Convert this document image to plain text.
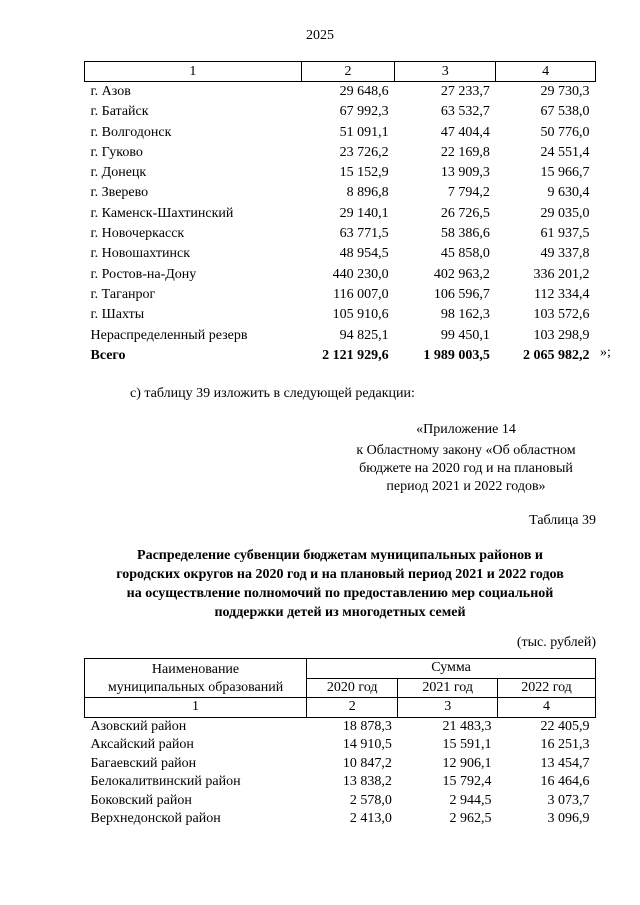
2025
1	2	3	4
г. Азов	29 648,6	27 233,7	29 730,3
г. Батайск	67 992,3	63 532,7	67 538,0
г. Волгодонск	51 091,1	47 404,4	50 776,0
г. Гуково	23 726,2	22 169,8	24 551,4
г. Донецк	15 152,9	13 909,3	15 966,7
г. Зверево	8 896,8	7 794,2	9 630,4
г. Каменск-Шахтинский	29 140,1	26 726,5	29 035,0
г. Новочеркасск	63 771,5	58 386,6	61 937,5
г. Новошахтинск	48 954,5	45 858,0	49 337,8
г. Ростов-на-Дону	440 230,0	402 963,2	336 201,2
г. Таганрог	116 007,0	106 596,7	112 334,4
г. Шахты	105 910,6	98 162,3	103 572,6
Нераспределенный резерв	94 825,1	99 450,1	103 298,9
Всего	2 121 929,6	1 989 003,5	2 065 982,2 »;
с) таблицу 39 изложить в следующей редакции:
«Приложение 14
к Областному закону «Об областном
бюджете на 2020 год и на плановый
период 2021 и 2022 годов»
Таблица 39
Распределение субвенции бюджетам муниципальных районов и
городских округов на 2020 год и на плановый период 2021 и 2022 годов
на осуществление полномочий по предоставлению мер социальной
поддержки детей из многодетных семей
(тыс. рублей)
Наименование
муниципальных образований	Сумма		
	2020 год	2021 год	2022 год
1	2	3	4
Азовский район	18 878,3	21 483,3	22 405,9
Аксайский район	14 910,5	15 591,1	16 251,3
Багаевский район	10 847,2	12 906,1	13 454,7
Белокалитвинский район	13 838,2	15 792,4	16 464,6
Боковский район	2 578,0	2 944,5	3 073,7
Верхнедонской район	2 413,0	2 962,5	3 096,9
